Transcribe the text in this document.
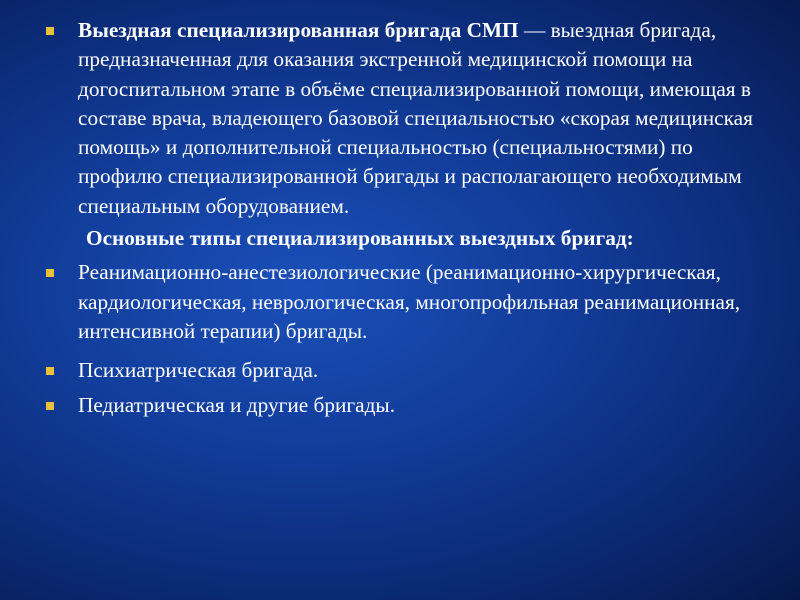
Выездная специализированная бригада СМП — выездная бригада, предназначенная для оказания экстренной медицинской помощи на догоспитальном этапе в объёме специализированной помощи, имеющая в составе врача, владеющего базовой специальностью «скорая медицинская помощь» и дополнительной специальностью (специальностями) по профилю специализированной бригады и располагающего необходимым специальным оборудованием.
Основные типы специализированных выездных бригад:
Реанимационно-анестезиологические (реанимационно-хирургическая, кардиологическая, неврологическая, многопрофильная реанимационная, интенсивной терапии) бригады.
Психиатрическая бригада.
Педиатрическая и другие бригады.
